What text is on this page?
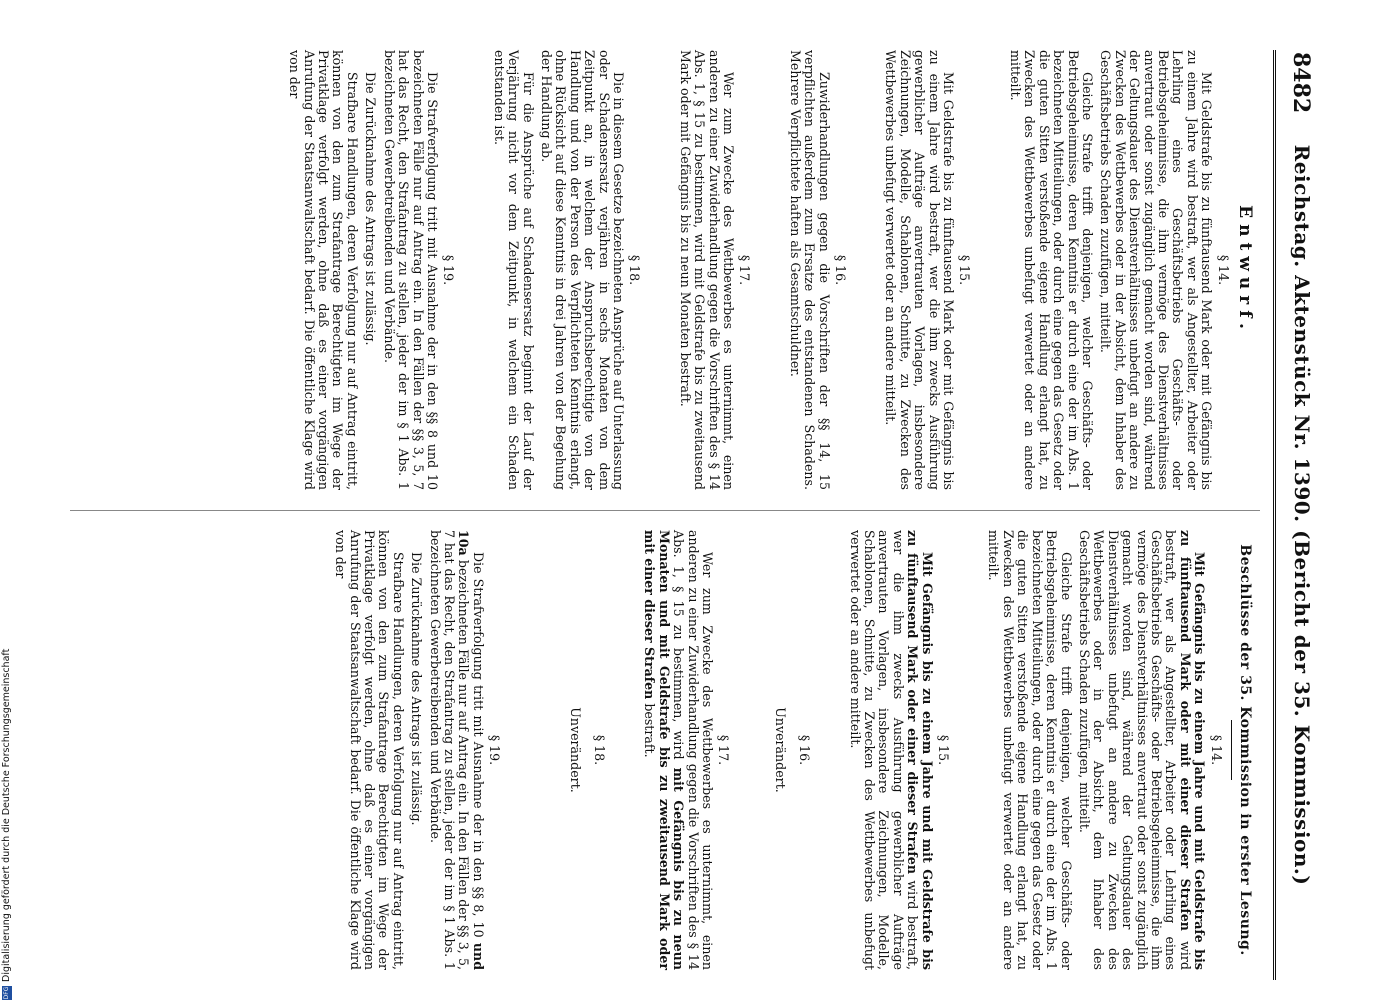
8482
Reichstag. Aktenstück Nr. 1390. (Bericht der 35. Kommission.)
Entwurf.
§ 14.

Mit Geldstrafe bis zu fünftausend Mark oder mit Gefängnis bis zu einem Jahre wird bestraft, wer als Angestellter, Arbeiter oder Lehrling eines Geschäftsbetriebs Geschäfts- oder Betriebsgeheimnisse, die ihm vermöge des Dienstverhältnisses anvertraut oder sonst zugänglich gemacht worden sind, während der Geltungsdauer des Dienstverhältnisses unbefugt an andere zu Zwecken des Wettbewerbes oder in der Absicht, dem Inhaber des Geschäftsbetriebs Schaden zuzufügen, mitteilt.

Gleiche Strafe trifft denjenigen, welcher Geschäfts- oder Betriebsgeheimnisse, deren Kenntnis er durch eine der im Abs. 1 bezeichneten Mitteilungen, oder durch eine gegen das Gesetz oder die guten Sitten verstoßende eigene Handlung erlangt hat, zu Zwecken des Wettbewerbes unbefugt verwertet oder an andere mitteilt.

§ 15.

Mit Geldstrafe bis zu fünftausend Mark oder mit Gefängnis bis zu einem Jahre wird bestraft, wer die ihm zwecks Ausführung gewerblicher Aufträge anvertrauten Vorlagen, insbesondere Zeichnungen, Modelle, Schablonen, Schnitte, zu Zwecken des Wettbewerbes unbefugt verwertet oder an andere mitteilt.

§ 16.

Zuwiderhandlungen gegen die Vorschriften der §§ 14, 15 verpflichten außerdem zum Ersatze des entstandenen Schadens. Mehrere Verpflichtete haften als Gesamtschuldner.

§ 17.

Wer zum Zwecke des Wettbewerbes es unternimmt, einen anderen zu einer Zuwiderhandlung gegen die Vorschriften des § 14 Abs. 1, § 15 zu bestimmen, wird mit Geldstrafe bis zu zweitausend Mark oder mit Gefängnis bis zu neun Monaten bestraft.

§ 18.

Die in diesem Gesetze bezeichneten Ansprüche auf Unterlassung oder Schadensersatz verjähren in sechs Monaten von dem Zeitpunkt an, in welchem der Anspruchsberechtigte von der Handlung und von der Person des Verpflichteten Kenntnis erlangt, ohne Rücksicht auf diese Kenntnis in drei Jahren von der Begehung der Handlung ab.

Für die Ansprüche auf Schadensersatz beginnt der Lauf der Verjährung nicht vor dem Zeitpunkt, in welchem ein Schaden entstanden ist.

§ 19.

Die Strafverfolgung tritt mit Ausnahme der in den §§ 8 und 10 bezeichneten Fälle nur auf Antrag ein. In den Fällen der §§ 3, 5, 7 hat das Recht, den Strafantrag zu stellen, jeder der im § 1 Abs. 1 bezeichneten Gewerbetreibenden und Verbände.

Die Zurücknahme des Antrags ist zulässig.

Strafbare Handlungen, deren Verfolgung nur auf Antrag eintritt, können von den zum Strafantrage Berechtigten im Wege der Privatklage verfolgt werden, ohne daß es einer vorgängigen Anrufung der Staatsanwaltschaft bedarf. Die öffentliche Klage wird von der

Beschlüsse der 35. Kommission in erster Lesung.
§ 14.

Mit Gefängnis bis zu einem Jahre und mit Geldstrafe bis zu fünftausend Mark oder mit einer dieser Strafen wird bestraft, wer als Angestellter, Arbeiter oder Lehrling eines Geschäftsbetriebs Geschäfts- oder Betriebsgeheimnisse, die ihm vermöge des Dienstverhältnisses anvertraut oder sonst zugänglich gemacht worden sind, während der Geltungsdauer des Dienstverhältnisses unbefugt an andere zu Zwecken des Wettbewerbes oder in der Absicht, dem Inhaber des Geschäftsbetriebs Schaden zuzufügen, mitteilt.

Gleiche Strafe trifft denjenigen, welcher Geschäfts- oder Betriebsgeheimnisse, deren Kenntnis er durch eine der im Abs. 1 bezeichneten Mitteilungen, oder durch eine gegen das Gesetz oder die guten Sitten verstoßende eigene Handlung erlangt hat, zu Zwecken des Wettbewerbes unbefugt verwertet oder an andere mitteilt.

§ 15.

Mit Gefängnis bis zu einem Jahre und mit Geldstrafe bis zu fünftausend Mark oder einer dieser Strafen wird bestraft, wer die ihm zwecks Ausführung gewerblicher Aufträge anvertrauten Vorlagen, insbesondere Zeichnungen, Modelle, Schablonen, Schnitte, zu Zwecken des Wettbewerbes unbefugt verwertet oder an andere mitteilt.

§ 16.
Unverändert.
§ 17.

Wer zum Zwecke des Wettbewerbes es unternimmt, einen anderen zu einer Zuwiderhandlung gegen die Vorschriften des § 14 Abs. 1, § 15 zu bestimmen, wird mit Gefängnis bis zu neun Monaten und mit Geldstrafe bis zu zweitausend Mark oder mit einer dieser Strafen bestraft.

§ 18.
Unverändert.
§ 19.

Die Strafverfolgung tritt mit Ausnahme der in den §§ 8, 10 und 10a bezeichneten Fälle nur auf Antrag ein. In den Fällen der §§ 3, 5, 7 hat das Recht, den Strafantrag zu stellen, jeder der im § 1 Abs. 1 bezeichneten Gewerbetreibenden und Verbände.

Die Zurücknahme des Antrags ist zulässig.

Strafbare Handlungen, deren Verfolgung nur auf Antrag eintritt, können von den zum Strafantrage Berechtigten im Wege der Privatklage verfolgt werden, ohne daß es einer vorgängigen Anrufung der Staatsanwaltschaft bedarf. Die öffentliche Klage wird von der

DFGDigitalisierung gefördert durch die Deutsche Forschungsgemeinschaft
